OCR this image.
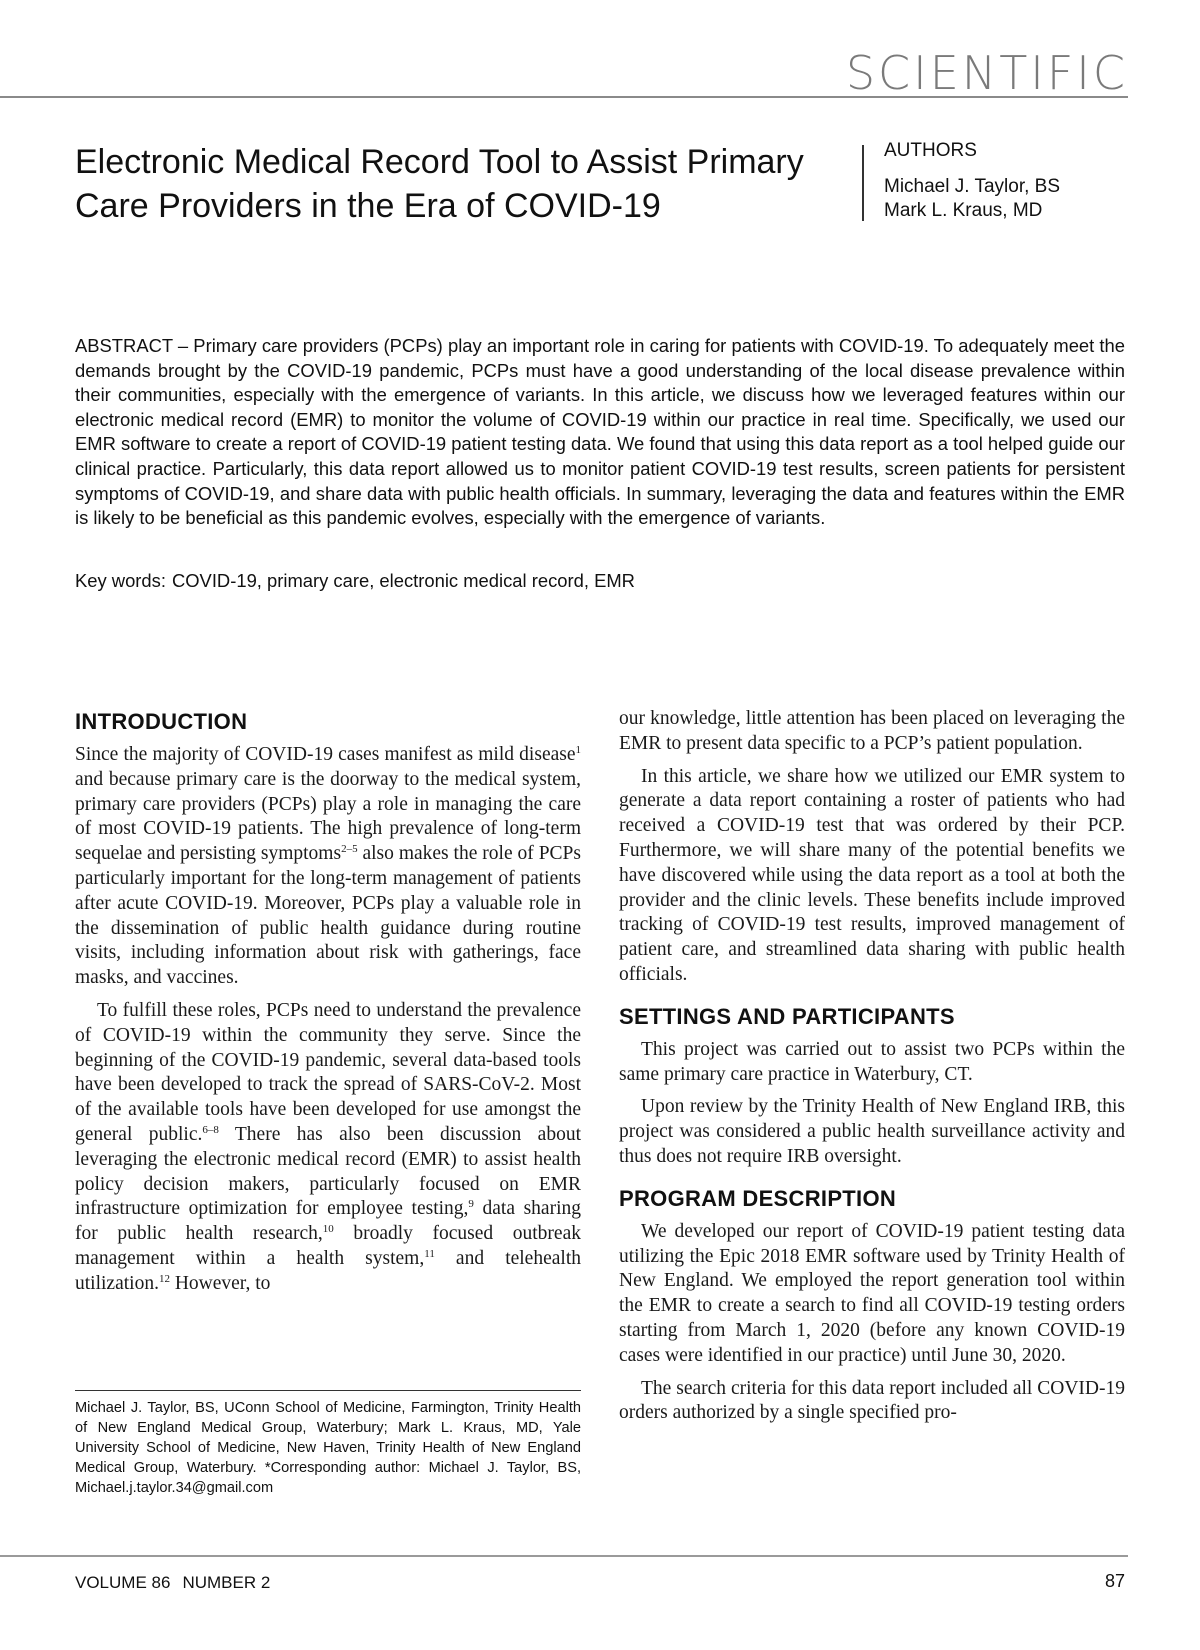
SCIENTIFIC
Electronic Medical Record Tool to Assist Primary Care Providers in the Era of COVID-19
AUTHORS
Michael J. Taylor, BS
Mark L. Kraus, MD

ABSTRACT – Primary care providers (PCPs) play an important role in caring for patients with COVID-19. To adequately meet the demands brought by the COVID-19 pandemic, PCPs must have a good understanding of the local disease prevalence within their communities, especially with the emergence of variants. In this article, we discuss how we leveraged features within our electronic medical record (EMR) to monitor the volume of COVID-19 within our practice in real time. Specifically, we used our EMR software to create a report of COVID-19 patient testing data. We found that using this data report as a tool helped guide our clinical practice. Particularly, this data report allowed us to monitor patient COVID-19 test results, screen patients for persistent symptoms of COVID-19, and share data with public health officials. In summary, leveraging the data and features within the EMR is likely to be beneficial as this pandemic evolves, especially with the emergence of variants.

Key words: COVID-19, primary care, electronic medical record, EMR
INTRODUCTION

Since the majority of COVID-19 cases manifest as mild disease$^1$ and because primary care is the doorway to the medical system, primary care providers (PCPs) play a role in managing the care of most COVID-19 patients. The high prevalence of long-term sequelae and persisting symptoms$^{2-5}$ also makes the role of PCPs particularly important for the long-term management of patients after acute COVID-19. Moreover, PCPs play a valuable role in the dissemination of public health guidance during routine visits, including information about risk with gatherings, face masks, and vaccines.

To fulfill these roles, PCPs need to understand the prevalence of COVID-19 within the community they serve. Since the beginning of the COVID-19 pandemic, several data-based tools have been developed to track the spread of SARS-CoV-2. Most of the available tools have been developed for use amongst the general public.$^{6-8}$ There has also been discussion about leveraging the electronic medical record (EMR) to assist health policy decision makers, particularly focused on EMR infrastructure optimization for employee testing,$^9$ data sharing for public health research,$^{10}$ broadly focused outbreak management within a health system,$^{11}$ and telehealth utilization.$^{12}$ However, to

our knowledge, little attention has been placed on leveraging the EMR to present data specific to a PCP’s patient population.

In this article, we share how we utilized our EMR system to generate a data report containing a roster of patients who had received a COVID-19 test that was ordered by their PCP. Furthermore, we will share many of the potential benefits we have discovered while using the data report as a tool at both the provider and the clinic levels. These benefits include improved tracking of COVID-19 test results, improved management of patient care, and streamlined data sharing with public health officials.

SETTINGS AND PARTICIPANTS

This project was carried out to assist two PCPs within the same primary care practice in Waterbury, CT.

Upon review by the Trinity Health of New England IRB, this project was considered a public health surveillance activity and thus does not require IRB oversight.

PROGRAM DESCRIPTION

We developed our report of COVID-19 patient testing data utilizing the Epic 2018 EMR software used by Trinity Health of New England. We employed the report generation tool within the EMR to create a search to find all COVID-19 testing orders starting from March 1, 2020 (before any known COVID-19 cases were identified in our practice) until June 30, 2020.

The search criteria for this data report included all COVID-19 orders authorized by a single specified pro-

Michael J. Taylor, BS, UConn School of Medicine, Farmington, Trinity Health of New England Medical Group, Waterbury; Mark L. Kraus, MD, Yale University School of Medicine, New Haven, Trinity Health of New England Medical Group, Waterbury. *Corresponding author: Michael J. Taylor, BS, Michael.j.taylor.34@gmail.com

VOLUME 86 NUMBER 2	87
